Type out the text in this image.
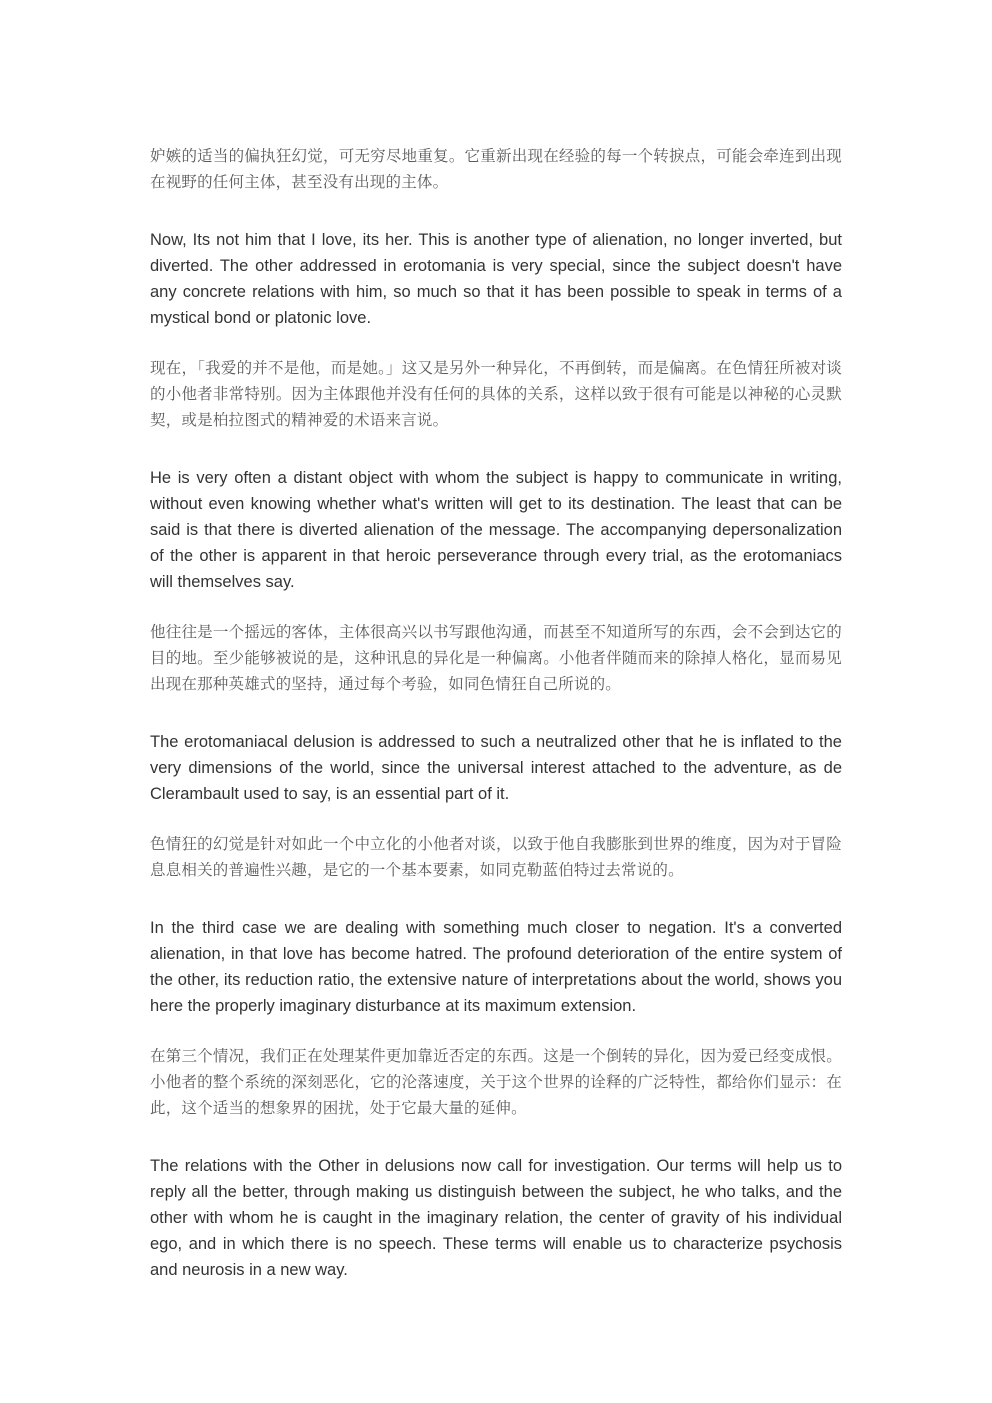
妒嫉的适当的偏执狂幻觉，可无穷尽地重复。它重新出现在经验的每一个转捩点，可能会牵连到出现在视野的任何主体，甚至没有出现的主体。

Now, Its not him that I love, its her. This is another type of alienation, no longer inverted, but diverted. The other addressed in erotomania is very special, since the subject doesn't have any concrete relations with him, so much so that it has been possible to speak in terms of a mystical bond or platonic love.

现在，「我爱的并不是他，而是她。」这又是另外一种异化，不再倒转，而是偏离。在色情狂所被对谈的小他者非常特别。因为主体跟他并没有任何的具体的关系，这样以致于很有可能是以神秘的心灵默契，或是柏拉图式的精神爱的术语来言说。

He is very often a distant object with whom the subject is happy to communicate in writing, without even knowing whether what's written will get to its destination. The least that can be said is that there is diverted alienation of the message. The accompanying depersonalization of the other is apparent in that heroic perseverance through every trial, as the erotomaniacs will themselves say.

他往往是一个摇远的客体，主体很高兴以书写跟他沟通，而甚至不知道所写的东西，会不会到达它的目的地。至少能够被说的是，这种讯息的异化是一种偏离。小他者伴随而来的除掉人格化，显而易见出现在那种英雄式的坚持，通过每个考验，如同色情狂自己所说的。

The erotomaniacal delusion is addressed to such a neutralized other that he is inflated to the very dimensions of the world, since the universal interest attached to the adventure, as de Clerambault used to say, is an essential part of it.

色情狂的幻觉是针对如此一个中立化的小他者对谈，以致于他自我膨胀到世界的维度，因为对于冒险息息相关的普遍性兴趣，是它的一个基本要素，如同克勒蓝伯特过去常说的。

In the third case we are dealing with something much closer to negation. It's a converted alienation, in that love has become hatred. The profound deterioration of the entire system of the other, its reduction ratio, the extensive nature of interpretations about the world, shows you here the properly imaginary disturbance at its maximum extension.

在第三个情况，我们正在处理某件更加靠近否定的东西。这是一个倒转的异化，因为爱已经变成恨。小他者的整个系统的深刻恶化，它的沦落速度，关于这个世界的诠释的广泛特性，都给你们显示：在此，这个适当的想象界的困扰，处于它最大量的延伸。

The relations with the Other in delusions now call for investigation. Our terms will help us to reply all the better, through making us distinguish between the subject, he who talks, and the other with whom he is caught in the imaginary relation, the center of gravity of his individual ego, and in which there is no speech. These terms will enable us to characterize psychosis and neurosis in a new way.
